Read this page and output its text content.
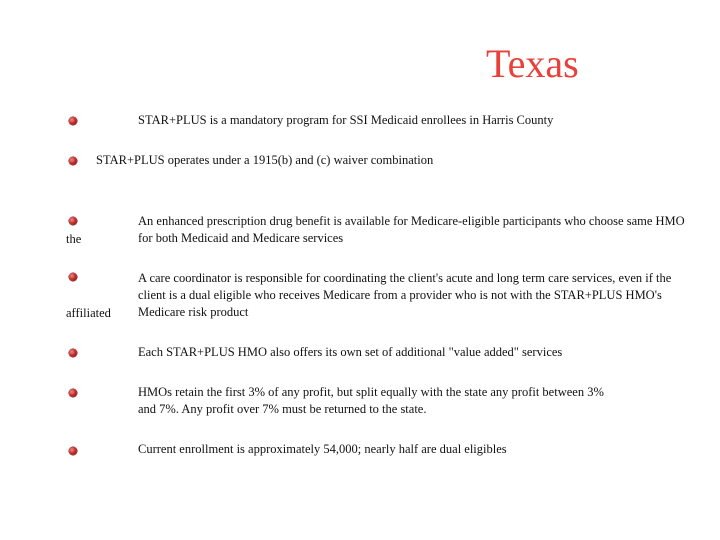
Texas
STAR+PLUS is a mandatory program for SSI Medicaid enrollees in Harris County
STAR+PLUS operates under a 1915(b) and (c) waiver combination
the
An enhanced prescription drug benefit is available for Medicare-eligible participants who choose same HMO for both Medicaid and Medicare services
affiliated
A care coordinator is responsible for coordinating the client's acute and long term care services, even if the client is a dual eligible who receives Medicare from a provider who is not with the STAR+PLUS HMO's Medicare risk product
Each STAR+PLUS HMO also offers its own set of additional "value added" services
HMOs retain the first 3% of any profit, but split equally with the state any profit between 3% and 7%. Any profit over 7% must be returned to the state.
Current enrollment is approximately 54,000; nearly half are dual eligibles
